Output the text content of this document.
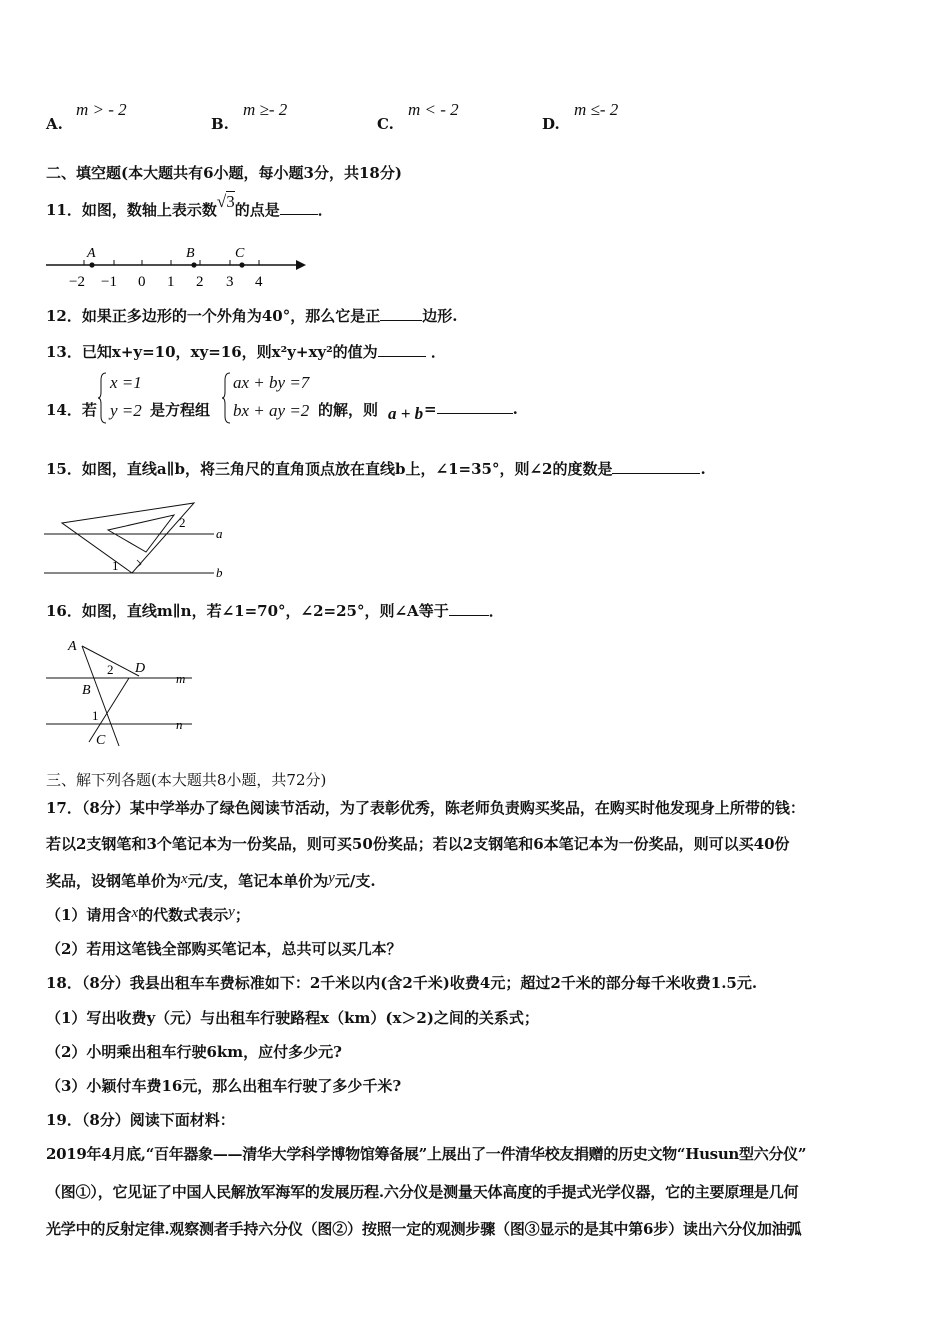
A.
m > - 2
B.
m ≥- 2
C.
m < - 2
D.
m ≤- 2
二、填空题(本大题共有6小题，每小题3分，共18分)
11．如图，数轴上表示数√3的点是	．
A	B	C
−2 −1 0 1 2 3 4
12．如果正多边形的一个外角为40°，那么它是正	边形.
13．已知x+y=10，xy=16，则x²y+xy²的值为	．
14．若
x =1
y =2 是方程组
ax + by =7
bx + ay =2 的解，则 a + b =	.
15．如图，直线a∥b，将三角尺的直角顶点放在直线b上，∠1=35°，则∠2的度数是	.
2
a
1	b
16．如图，直线m∥n，若∠1=70°，∠2=25°，则∠A等于	．
A
2 D
m
B
1
n
C
三、解下列各题(本大题共8小题，共72分)
17．（8分）某中学举办了绿色阅读节活动，为了表彰优秀，陈老师负责购买奖品，在购买时他发现身上所带的钱：
若以2支钢笔和3个笔记本为一份奖品，则可买50份奖品；若以2支钢笔和6本笔记本为一份奖品，则可以买40份
奖品，设钢笔单价为x元/支，笔记本单价为y元/支.
（1）请用含x的代数式表示y；
（2）若用这笔钱全部购买笔记本，总共可以买几本？
18．（8分）我县出租车车费标准如下：2千米以内(含2千米)收费4元；超过2千米的部分每千米收费1.5元.
（1）写出收费y（元）与出租车行驶路程x（km）(x＞2)之间的关系式；
（2）小明乘出租车行驶6km，应付多少元?
（3）小颖付车费16元，那么出租车行驶了多少千米?
19．（8分）阅读下面材料：
2019年4月底,“百年器象——清华大学科学博物馆筹备展”上展出了一件清华校友捐赠的历史文物“Husun型六分仪”
（图①），它见证了中国人民解放军海军的发展历程.六分仪是测量天体高度的手提式光学仪器，它的主要原理是几何
光学中的反射定律.观察测者手持六分仪（图②）按照一定的观测步骤（图③显示的是其中第6步）读出六分仪加油弧
